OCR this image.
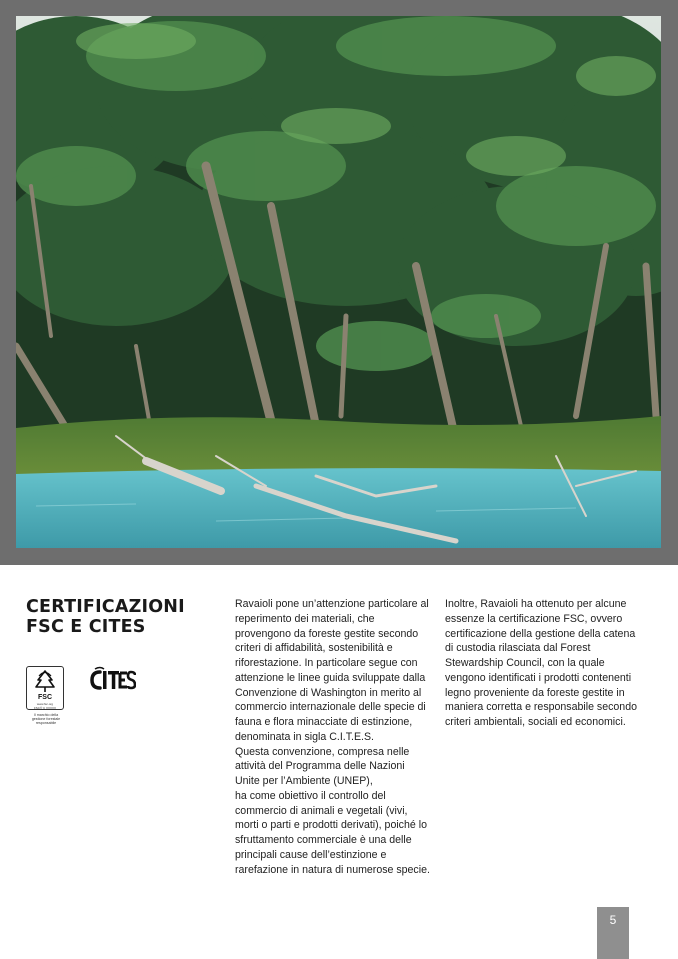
CERTIFICAZIONI
FSC E CITES
FSC
www.fsc.org
FSC® C XXXXX
Il marchio della
gestione forestale
responsabile

Ravaioli pone un’attenzione particolare al reperimento dei materiali, che provengono da foreste gestite secondo criteri di affidabilità, sostenibilità e riforestazione. In particolare segue con attenzione le linee guida sviluppate dalla Convenzione di Washington in merito al commercio internazionale delle specie di fauna e flora minacciate di estinzione, denominata in sigla C.I.T.E.S.

Questa convenzione, compresa nelle attività del Programma delle Nazioni Unite per l’Ambiente (UNEP),

ha come obiettivo il controllo del commercio di animali e vegetali (vivi, morti o parti e prodotti derivati), poiché lo sfruttamento commerciale è una delle principali cause dell’estinzione e rarefazione in natura di numerose specie.

Inoltre, Ravaioli ha ottenuto per alcune essenze la certificazione FSC, ovvero certificazione della gestione della catena di custodia rilasciata dal Forest Stewardship Council, con la quale vengono identificati i prodotti contenenti legno proveniente da foreste gestite in maniera corretta e responsabile secondo criteri ambientali, sociali ed economici.

5
